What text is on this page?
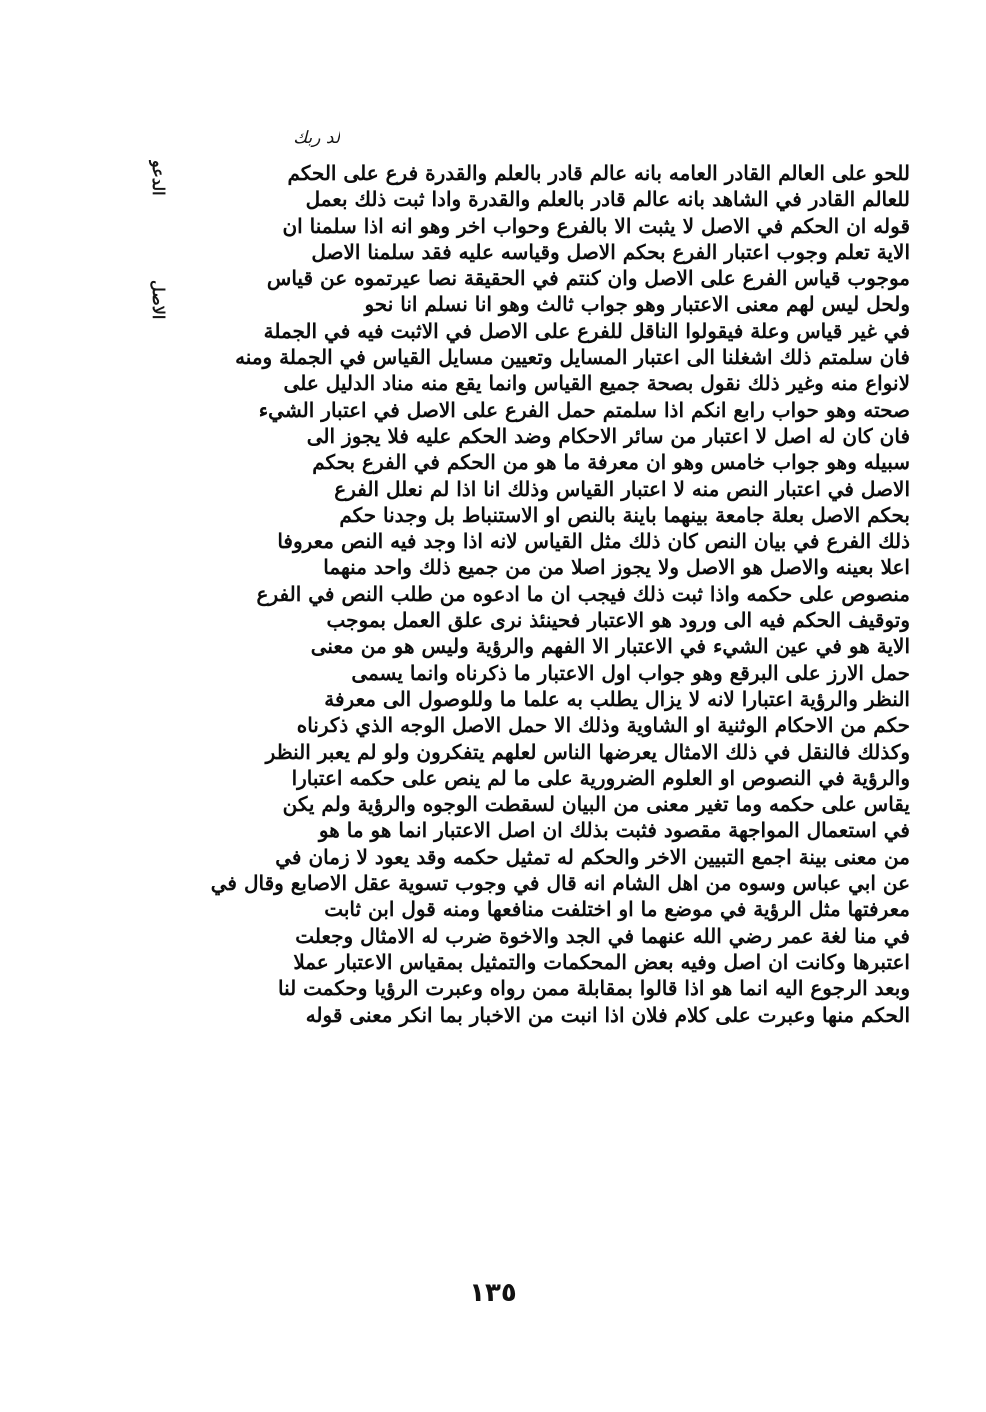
لد ربك
الدعو
الاصل
للحو على العالم القادر العامه بانه عالم قادر بالعلم والقدرة فرع على الحكم
للعالم القادر في الشاهد بانه عالم قادر بالعلم والقدرة وادا ثبت ذلك بعمل
قوله ان الحكم في الاصل لا يثبت الا بالفرع وحواب اخر وهو انه اذا سلمنا ان
الاية تعلم وجوب اعتبار الفرع بحكم الاصل وقياسه عليه فقد سلمنا الاصل
موجوب قياس الفرع على الاصل وان كنتم في الحقيقة نصا عيرتموه عن قياس
ولحل ليس لهم معنى الاعتبار وهو جواب ثالث وهو انا نسلم انا نحو
في غير قياس وعلة فيقولوا الناقل للفرع على الاصل في الاثبت فيه في الجملة
فان سلمتم ذلك اشغلنا الى اعتبار المسايل وتعيين مسايل القياس في الجملة ومنه
لانواع منه وغير ذلك نقول بصحة جميع القياس وانما يقع منه مناد الدليل على
صحته وهو حواب رابع انكم اذا سلمتم حمل الفرع على الاصل في اعتبار الشيء
فان كان له اصل لا اعتبار من سائر الاحكام وضد الحكم عليه فلا يجوز الى
سبيله وهو جواب خامس وهو ان معرفة ما هو من الحكم في الفرع بحكم
الاصل في اعتبار النص منه لا اعتبار القياس وذلك انا اذا لم نعلل الفرع
بحكم الاصل بعلة جامعة بينهما باينة بالنص او الاستنباط بل وجدنا حكم
ذلك الفرع في بيان النص كان ذلك مثل القياس لانه اذا وجد فيه النص معروفا
اعلا بعينه والاصل هو الاصل ولا يجوز اصلا من من جميع ذلك واحد منهما
منصوص على حكمه واذا ثبت ذلك فيجب ان ما ادعوه من طلب النص في الفرع
وتوقيف الحكم فيه الى ورود هو الاعتبار فحينئذ نرى علق العمل بموجب
الاية هو في عين الشيء في الاعتبار الا الفهم والرؤية وليس هو من معنى
حمل الارز على البرقع وهو جواب اول الاعتبار ما ذكرناه وانما يسمى
النظر والرؤية اعتبارا لانه لا يزال يطلب به علما ما وللوصول الى معرفة
حكم من الاحكام الوثنية او الشاوية وذلك الا حمل الاصل الوجه الذي ذكرناه
وكذلك فالنقل في ذلك الامثال يعرضها الناس لعلهم يتفكرون ولو لم يعبر النظر
والرؤية في النصوص او العلوم الضرورية على ما لم ينص على حكمه اعتبارا
يقاس على حكمه وما تغير معنى من البيان لسقطت الوجوه والرؤية ولم يكن
في استعمال المواجهة مقصود فثبت بذلك ان اصل الاعتبار انما هو ما هو
من معنى بينة اجمع التبيين الاخر والحكم له تمثيل حكمه وقد يعود لا زمان في
عن ابي عباس وسوه من اهل الشام انه قال في وجوب تسوية عقل الاصابع وقال في
معرفتها مثل الرؤية في موضع ما او اختلفت منافعها ومنه قول ابن ثابت
في منا لغة عمر رضي الله عنهما في الجد والاخوة ضرب له الامثال وجعلت
اعتبرها وكانت ان اصل وفيه بعض المحكمات والتمثيل بمقياس الاعتبار عملا
وبعد الرجوع اليه انما هو اذا قالوا بمقابلة ممن رواه وعبرت الرؤيا وحكمت لنا
الحكم منها وعبرت على كلام فلان اذا انبت من الاخبار بما انكر معنى قوله
١٣٥
